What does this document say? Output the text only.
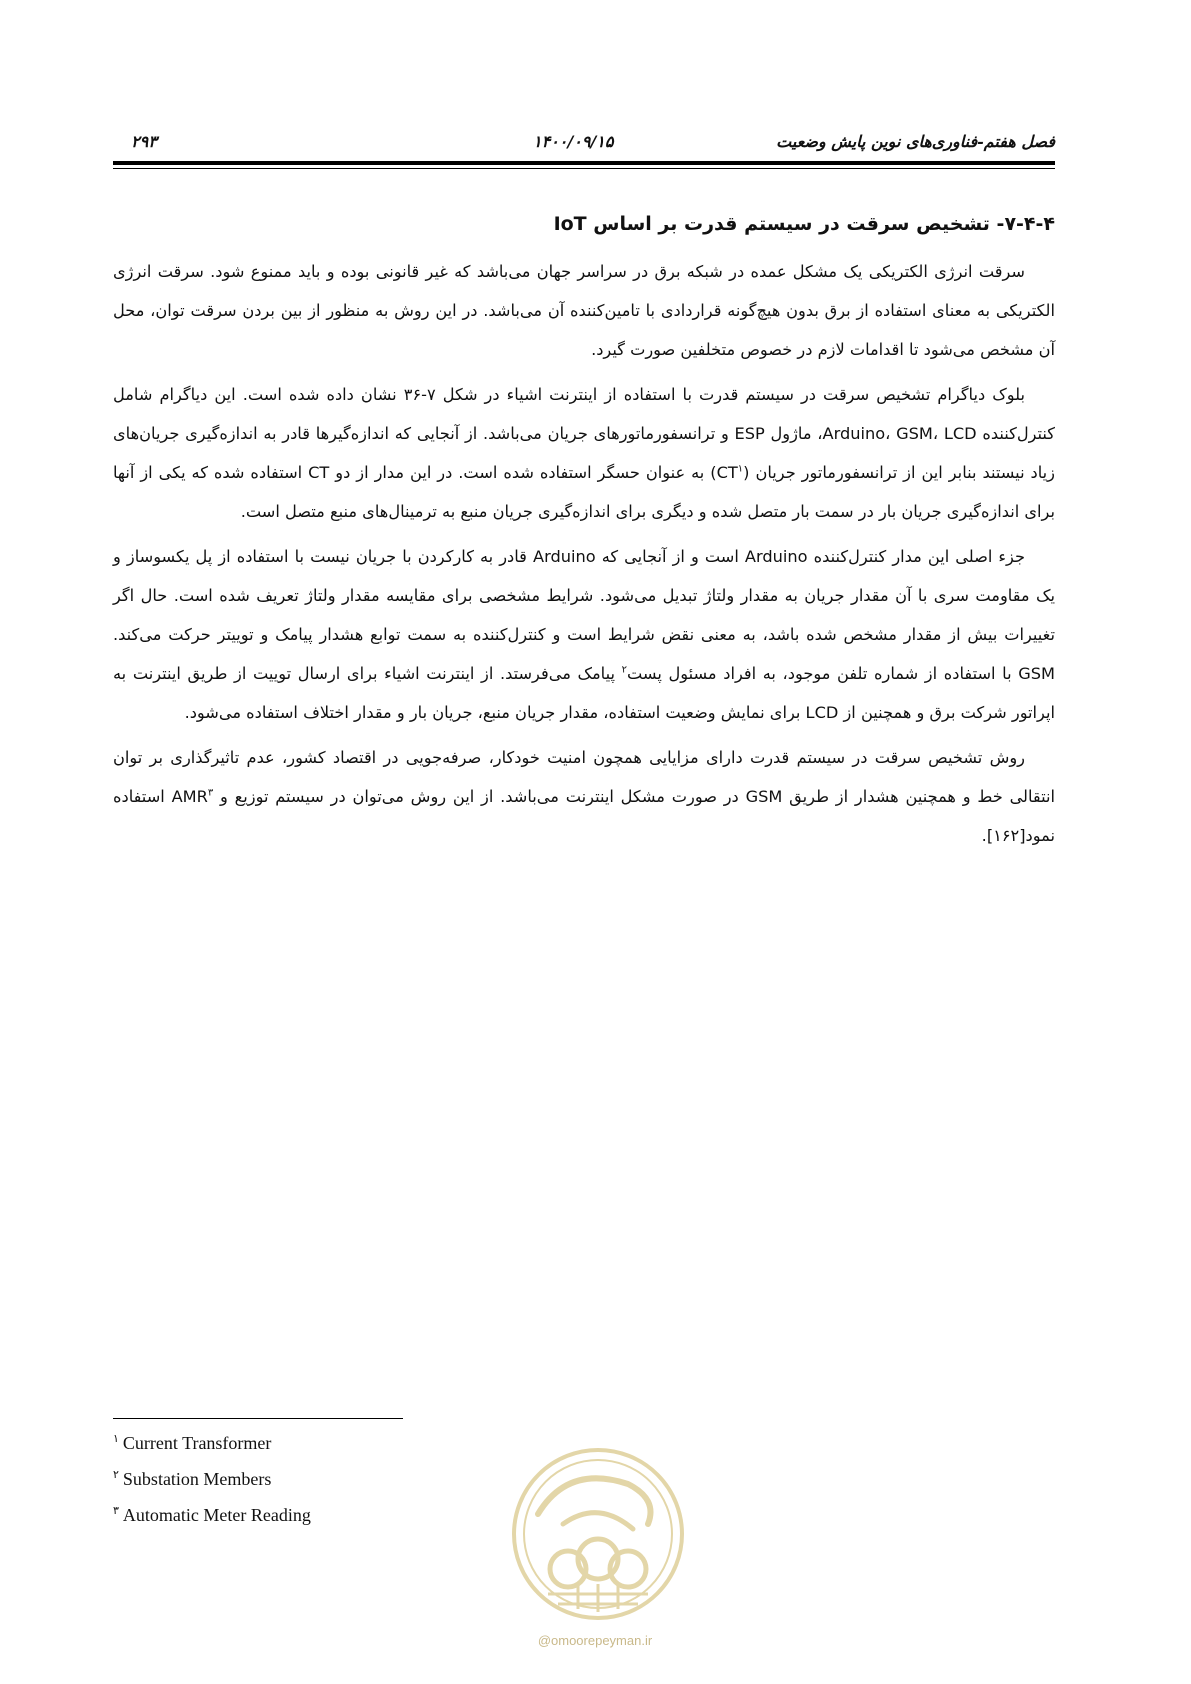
فصل هفتم-فناوری‌های نوین پایش وضعیت
۱۴۰۰/۰۹/۱۵
۲۹۳
۷-۴-۴- تشخیص سرقت در سیستم قدرت بر اساس IoT

سرقت انرژی الکتریکی یک مشکل عمده در شبکه برق در سراسر جهان می‌باشد که غیر قانونی بوده و باید ممنوع شود. سرقت انرژی الکتریکی به معنای استفاده از برق بدون هیچ‌گونه قراردادی با تامین‌کننده آن می‌باشد. در این روش به منظور از بین بردن سرقت توان، محل آن مشخص می‌شود تا اقدامات لازم در خصوص متخلفین صورت گیرد.

بلوک دیاگرام تشخیص سرقت در سیستم قدرت با استفاده از اینترنت اشیاء در شکل ۷-۳۶ نشان داده شده است. این دیاگرام شامل کنترل‌کننده Arduino، GSM، LCD، ماژول ESP و ترانسفورماتورهای جریان می‌باشد. از آنجایی که اندازه‌گیرها قادر به اندازه‌گیری جریان‌های زیاد نیستند بنابر این از ترانسفورماتور جریان $(CT^۱)$ به عنوان حسگر استفاده شده است. در این مدار از دو CT استفاده شده که یکی از آنها برای اندازه‌گیری جریان بار در سمت بار متصل شده و دیگری برای اندازه‌گیری جریان منبع به ترمینال‌های منبع متصل است.

جزء اصلی این مدار کنترل‌کننده Arduino است و از آنجایی که Arduino قادر به کارکردن با جریان نیست با استفاده از پل یکسوساز و یک مقاومت سری با آن مقدار جریان به مقدار ولتاژ تبدیل می‌شود. شرایط مشخصی برای مقایسه مقدار ولتاژ تعریف شده است. حال اگر تغییرات بیش از مقدار مشخص شده باشد، به معنی نقض شرایط است و کنترل‌کننده به سمت توابع هشدار پیامک و توییتر حرکت می‌کند. GSM با استفاده از شماره تلفن موجود، به افراد مسئول پست$^۲$ پیامک می‌فرستد. از اینترنت اشیاء برای ارسال توییت از طریق اینترنت به اپراتور شرکت برق و همچنین از LCD برای نمایش وضعیت استفاده، مقدار جریان منبع، جریان بار و مقدار اختلاف استفاده می‌شود.

روش تشخیص سرقت در سیستم قدرت دارای مزایایی همچون امنیت خودکار، صرفه‌جویی در اقتصاد کشور، عدم تاثیرگذاری بر توان انتقالی خط و همچنین هشدار از طریق GSM در صورت مشکل اینترنت می‌باشد. از این روش می‌توان در سیستم توزیع و AMR$^۳$ استفاده نمود[۱۶۲].

$^۱$ Current Transformer
$^۲$ Substation Members
$^۳$ Automatic Meter Reading
@omoorepeyman.ir
